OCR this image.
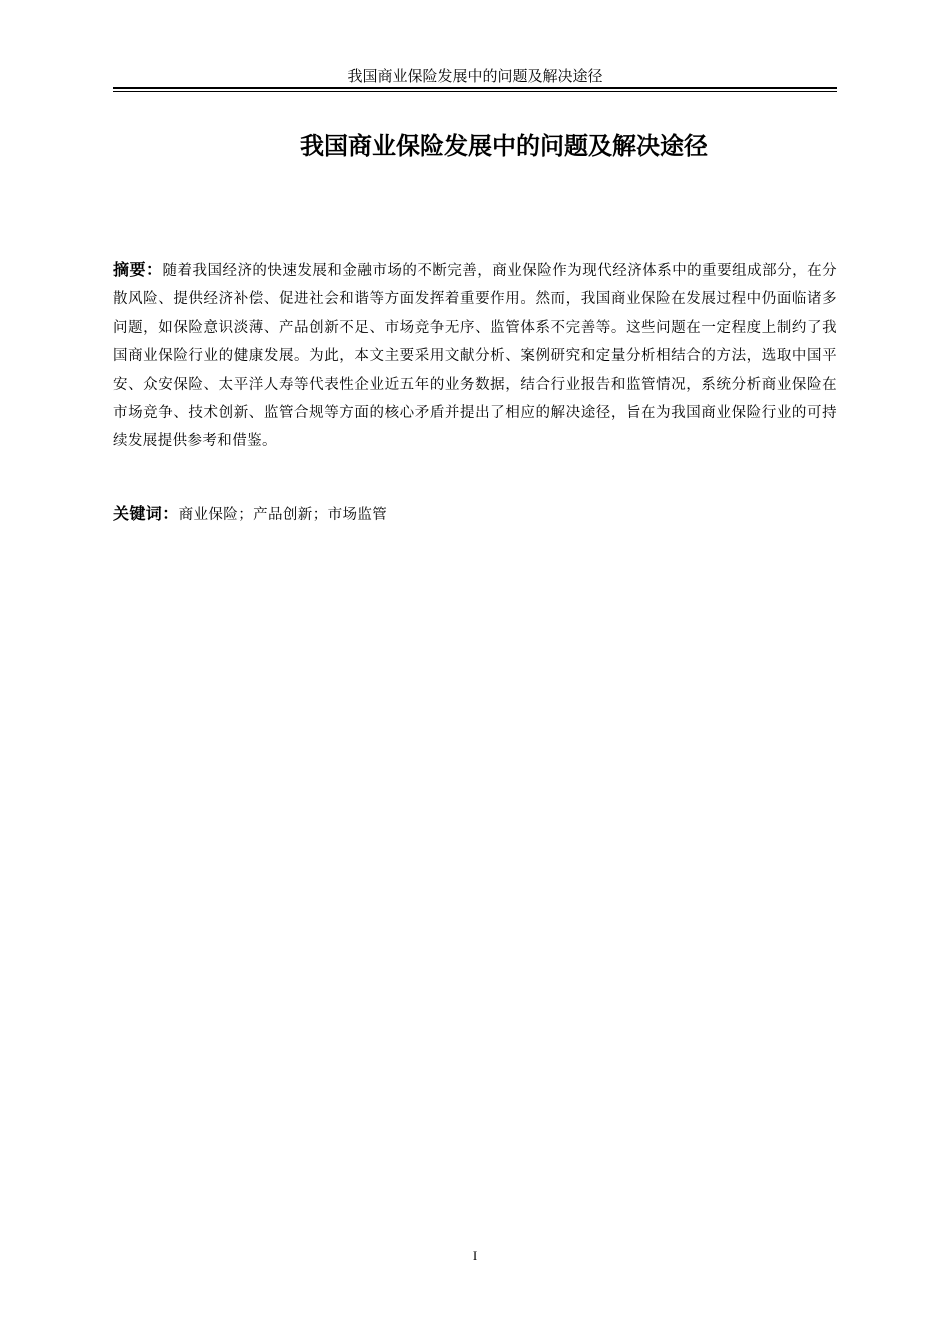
我国商业保险发展中的问题及解决途径
我国商业保险发展中的问题及解决途径
摘要：随着我国经济的快速发展和金融市场的不断完善，商业保险作为现代经济体系中的重要组成部分，在分散风险、提供经济补偿、促进社会和谐等方面发挥着重要作用。然而，我国商业保险在发展过程中仍面临诸多问题，如保险意识淡薄、产品创新不足、市场竞争无序、监管体系不完善等。这些问题在一定程度上制约了我国商业保险行业的健康发展。为此，本文主要采用文献分析、案例研究和定量分析相结合的方法，选取中国平安、众安保险、太平洋人寿等代表性企业近五年的业务数据，结合行业报告和监管情况，系统分析商业保险在市场竞争、技术创新、监管合规等方面的核心矛盾并提出了相应的解决途径，旨在为我国商业保险行业的可持续发展提供参考和借鉴。
关键词：商业保险；产品创新；市场监管
I
